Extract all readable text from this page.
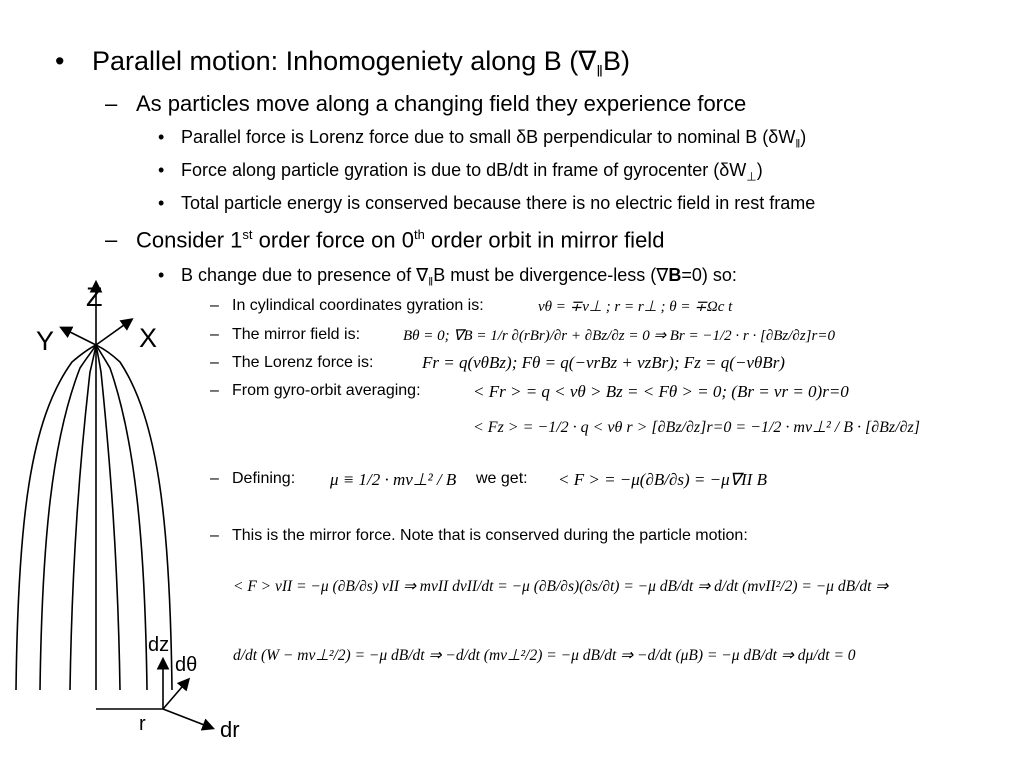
• Parallel motion: Inhomogeniety along B $(\nabla_‖B)$
– As particles move along a changing field they experience force
• Parallel force is Lorenz force due to small δB perpendicular to nominal B $(\delta W_‖)$
• Force along particle gyration is due to dB/dt in frame of gyrocenter $(\delta W_\perp)$
• Total particle energy is conserved because there is no electric field in rest frame
– Consider 1st order force on 0th order orbit in mirror field
• B change due to presence of $\nabla_‖B$ must be divergence-less (∇B=0) so:
– In cylindical coordinates gyration is:	vθ = ∓v⊥ ; r = r⊥ ; θ = ∓Ωc t
– The mirror field is:	Bθ = 0; ∇B = 1/r ∂(rBr)/∂r + ∂Bz/∂z = 0 ⇒ Br = −1/2 · r · [∂Bz/∂z]r=0
– The Lorenz force is:	Fr = q(vθBz); Fθ = q(−vrBz + vzBr); Fz = q(−vθBr)
– From gyro-orbit averaging:	< Fr > = q < vθ > Bz = < Fθ > = 0; (Br = vr = 0)r=0
< Fz > = −1/2 · q < vθ r > [∂Bz/∂z]r=0 = −1/2 · mv⊥² / B · [∂Bz/∂z]
– Defining: μ ≡ 1/2 · mv⊥² / B we get: < F > = −μ(∂B/∂s) = −μ∇II B
– This is the mirror force. Note that is conserved during the particle motion:
< F > vII = −μ (∂B/∂s) vII ⇒ mvII dvII/dt = −μ (∂B/∂s)(∂s/∂t) = −μ dB/dt ⇒ d/dt (mvII²/2) = −μ dB/dt ⇒
d/dt (W − mv⊥²/2) = −μ dB/dt ⇒ −d/dt (mv⊥²/2) = −μ dB/dt ⇒ −d/dt (μB) = −μ dB/dt ⇒ dμ/dt = 0
Z
Y	X
dz
dθ
r	dr
